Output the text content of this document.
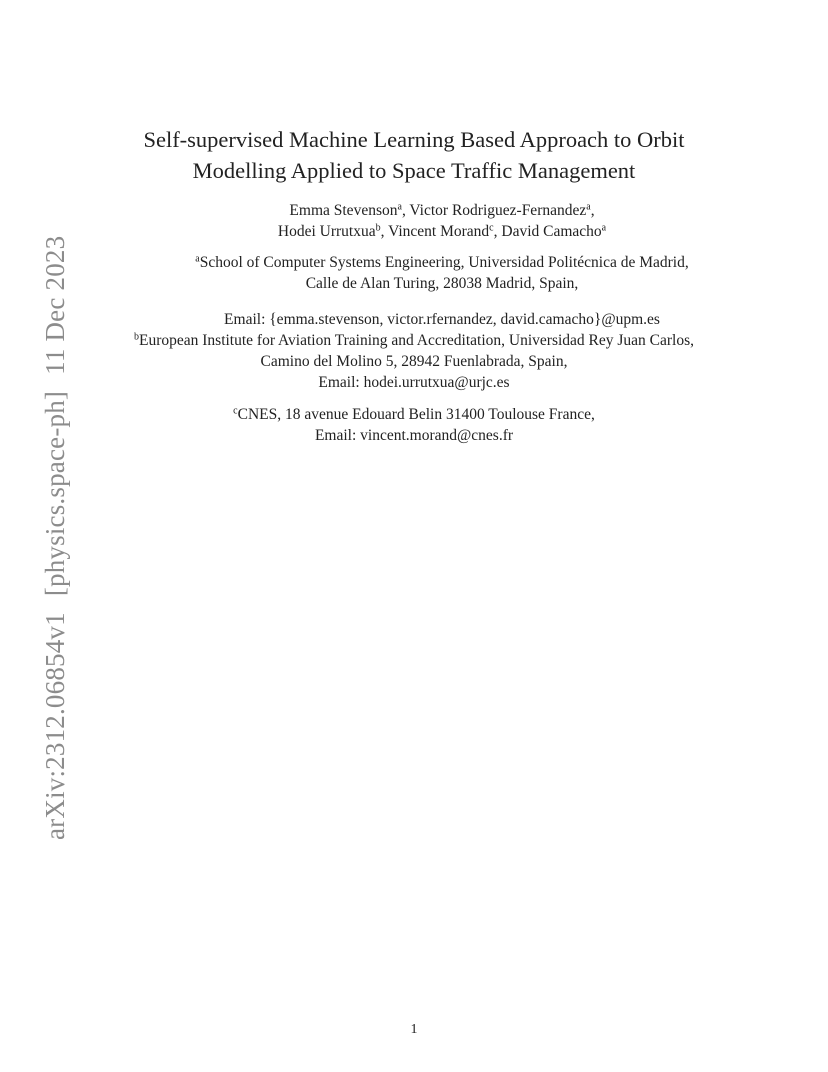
arXiv:2312.06854v1[physics.space-ph]11 Dec 2023
Self-supervised Machine Learning Based Approach to Orbit
Modelling Applied to Space Traffic Management
Emma Stevenson$^a$, Victor Rodriguez-Fernandez$^a$,
Hodei Urrutxua$^b$, Vincent Morand$^c$, David Camacho$^a$
$^a$School of Computer Systems Engineering, Universidad Politécnica de Madrid,
Calle de Alan Turing, 28038 Madrid, Spain,
Email: {emma.stevenson, victor.rfernandez, david.camacho}@upm.es
$^b$European Institute for Aviation Training and Accreditation, Universidad Rey Juan Carlos,
Camino del Molino 5, 28942 Fuenlabrada, Spain,
Email: hodei.urrutxua@urjc.es
$^c$CNES, 18 avenue Edouard Belin 31400 Toulouse France,
Email: vincent.morand@cnes.fr
1
